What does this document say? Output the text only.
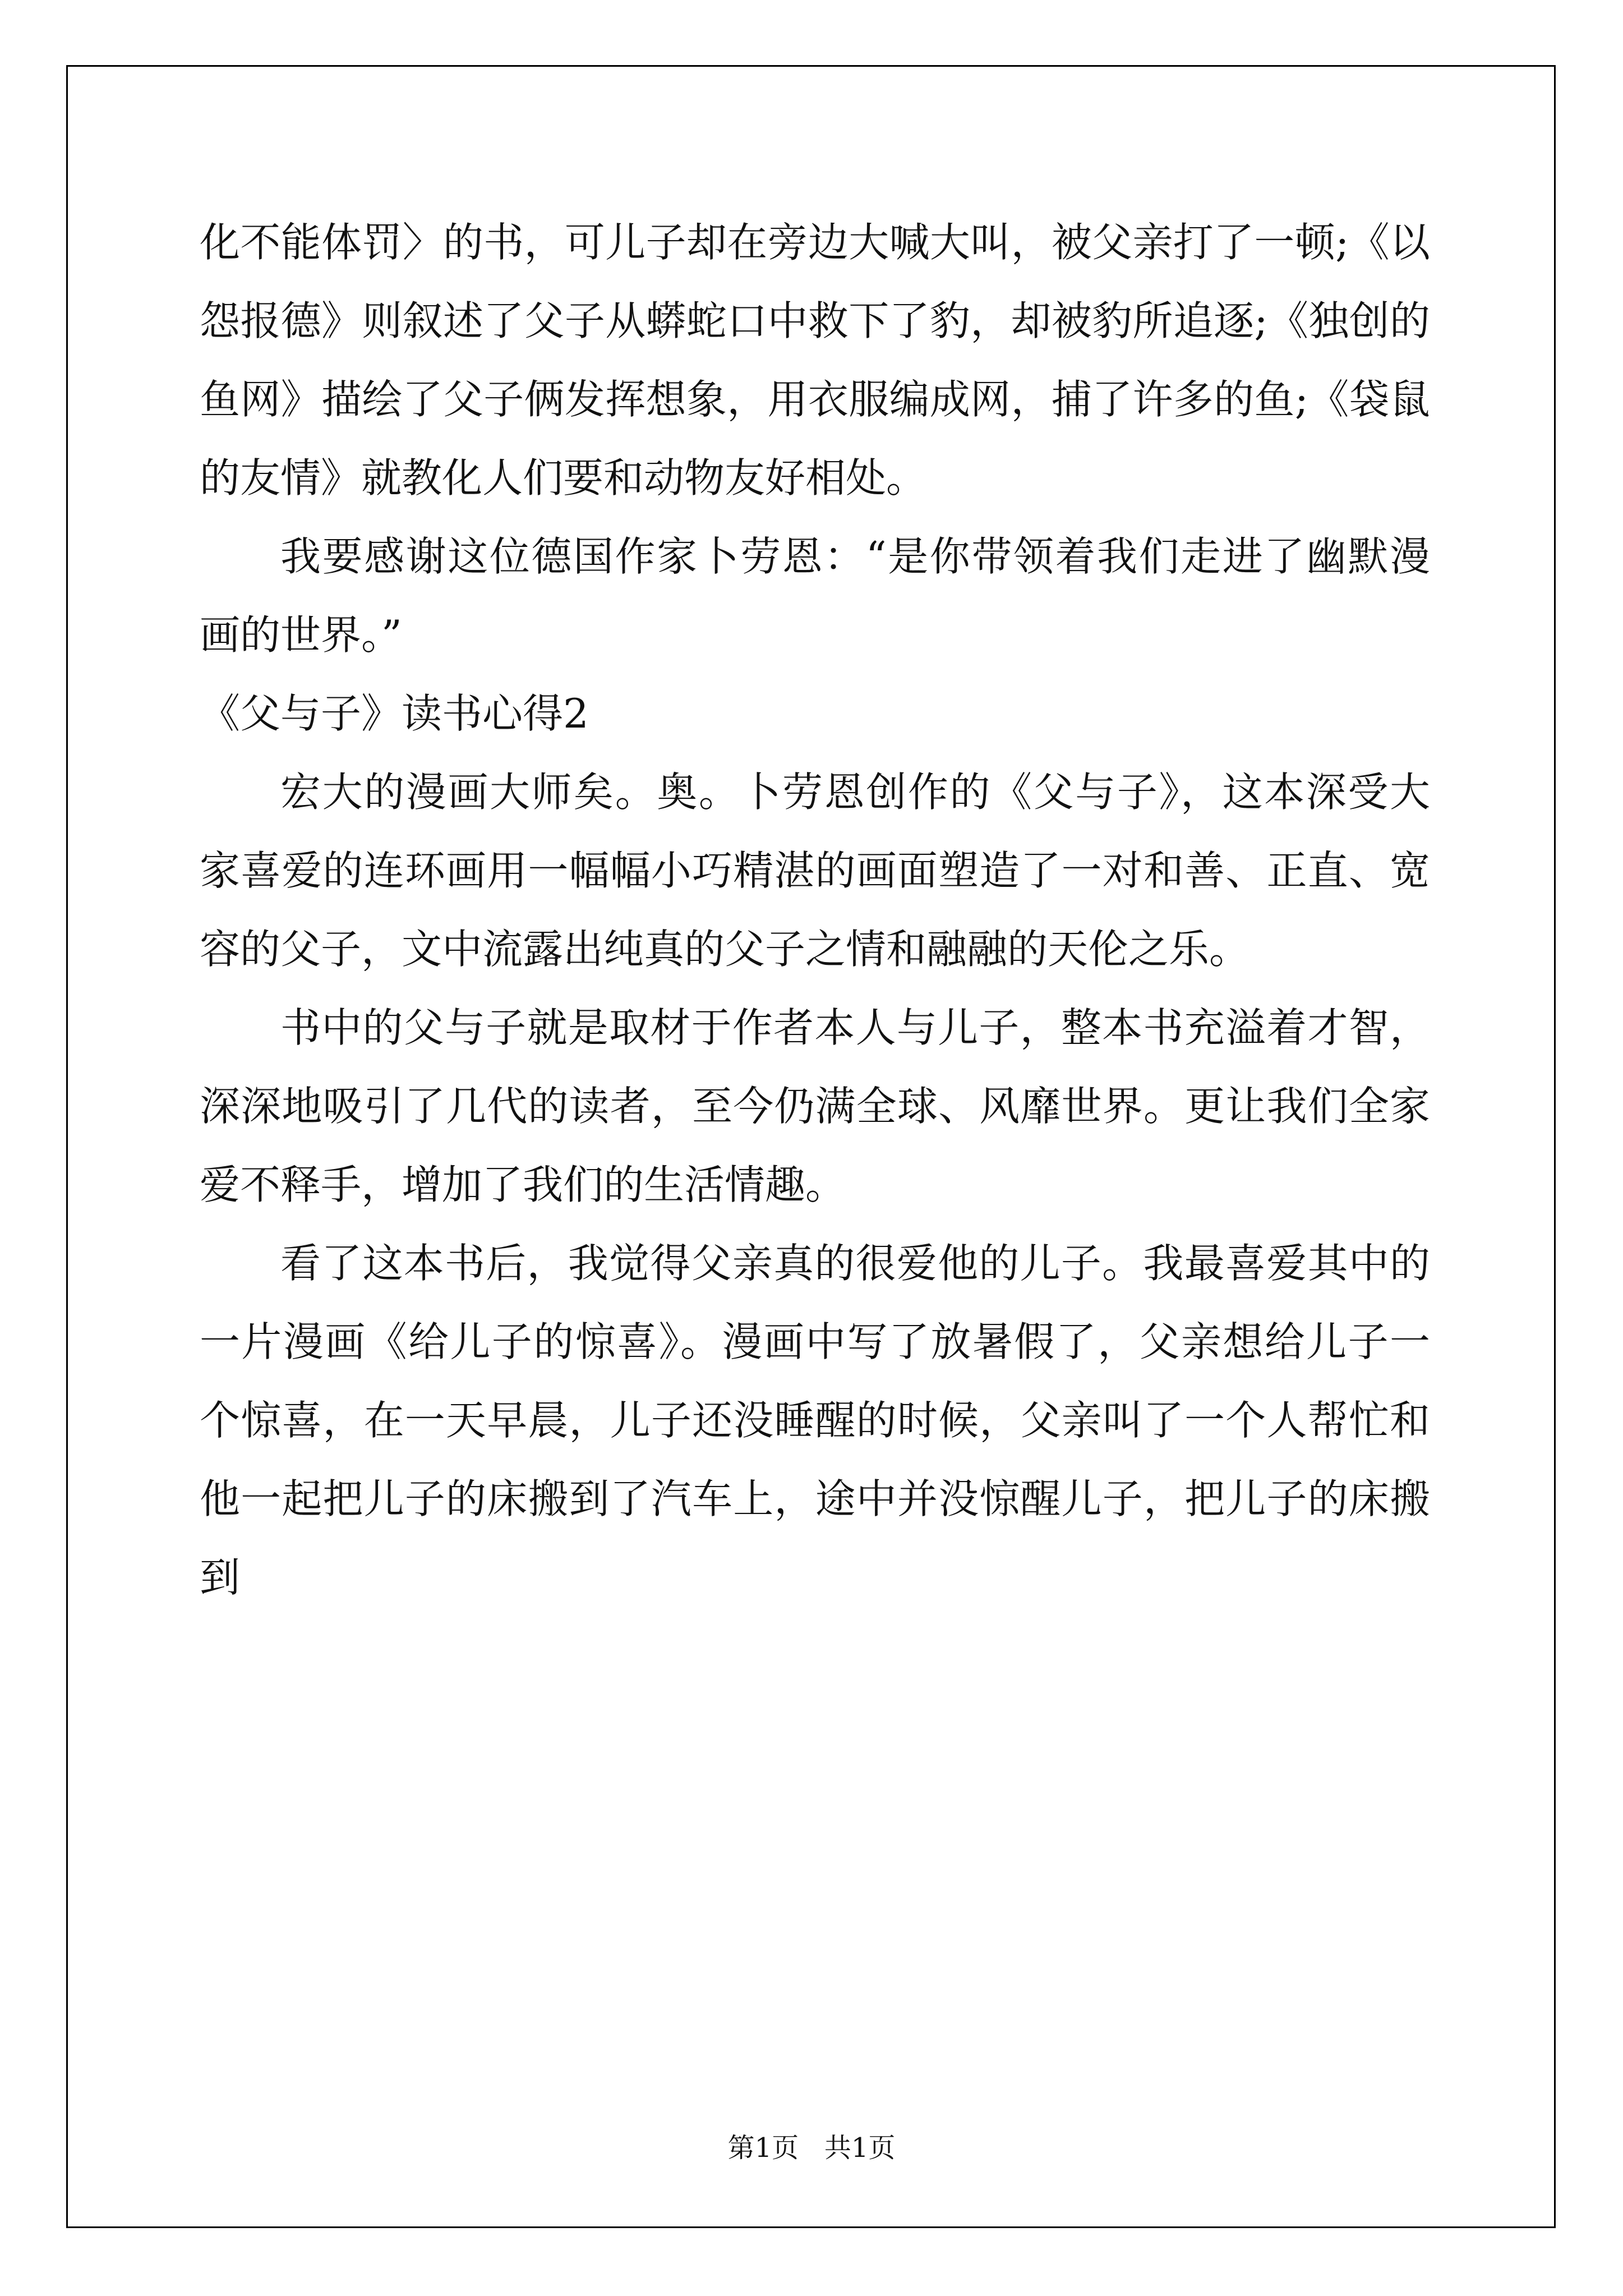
化不能体罚〉的书，可儿子却在旁边大喊大叫，被父亲打了一顿;《以怨报德》则叙述了父子从蟒蛇口中救下了豹，却被豹所追逐;《独创的鱼网》描绘了父子俩发挥想象，用衣服编成网，捕了许多的鱼;《袋鼠的友情》就教化人们要和动物友好相处。

我要感谢这位德国作家卜劳恩：“是你带领着我们走进了幽默漫画的世界。”

《父与子》读书心得2

宏大的漫画大师矣。奥。卜劳恩创作的《父与子》，这本深受大家喜爱的连环画用一幅幅小巧精湛的画面塑造了一对和善、正直、宽容的父子，文中流露出纯真的父子之情和融融的天伦之乐。

书中的父与子就是取材于作者本人与儿子，整本书充溢着才智，深深地吸引了几代的读者，至今仍满全球、风靡世界。更让我们全家爱不释手，增加了我们的生活情趣。

看了这本书后，我觉得父亲真的很爱他的儿子。我最喜爱其中的一片漫画《给儿子的惊喜》。漫画中写了放暑假了，父亲想给儿子一个惊喜，在一天早晨，儿子还没睡醒的时候，父亲叫了一个人帮忙和他一起把儿子的床搬到了汽车上，途中并没惊醒儿子，把儿子的床搬到

第1页   共1页
